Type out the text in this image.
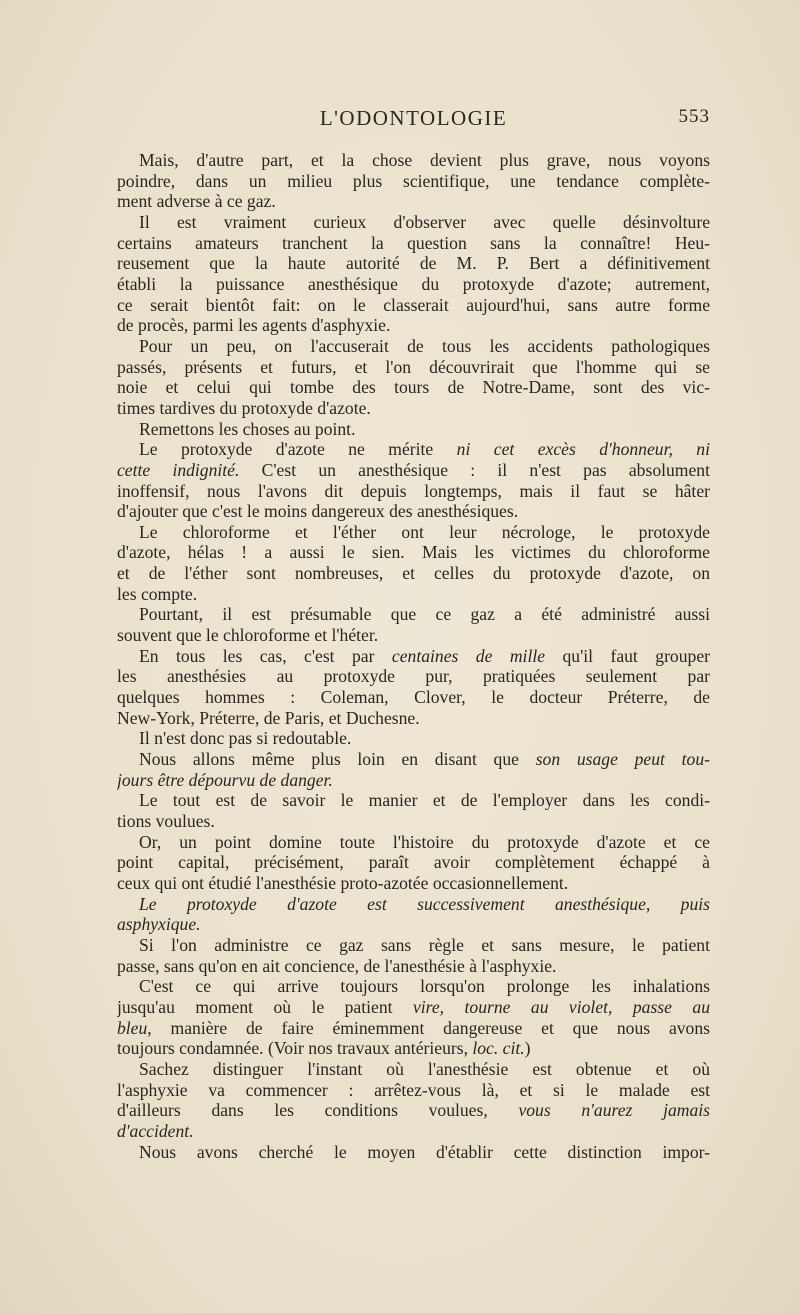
L'ODONTOLOGIE	553
Mais, d'autre part, et la chose devient plus grave, nous voyons
poindre, dans un milieu plus scientifique, une tendance complète-
ment adverse à ce gaz.
Il est vraiment curieux d'observer avec quelle désinvolture
certains amateurs tranchent la question sans la connaître! Heu-
reusement que la haute autorité de M. P. Bert a définitivement
établi la puissance anesthésique du protoxyde d'azote; autrement,
ce serait bientôt fait: on le classerait aujourd'hui, sans autre forme
de procès, parmi les agents d'asphyxie.
Pour un peu, on l'accuserait de tous les accidents pathologiques
passés, présents et futurs, et l'on découvrirait que l'homme qui se
noie et celui qui tombe des tours de Notre-Dame, sont des vic-
times tardives du protoxyde d'azote.
Remettons les choses au point.
Le protoxyde d'azote ne mérite ni cet excès d'honneur, ni
cette indignité. C'est un anesthésique : il n'est pas absolument
inoffensif, nous l'avons dit depuis longtemps, mais il faut se hâter
d'ajouter que c'est le moins dangereux des anesthésiques.
Le chloroforme et l'éther ont leur nécrologe, le protoxyde
d'azote, hélas ! a aussi le sien. Mais les victimes du chloroforme
et de l'éther sont nombreuses, et celles du protoxyde d'azote, on
les compte.
Pourtant, il est présumable que ce gaz a été administré aussi
souvent que le chloroforme et l'héter.
En tous les cas, c'est par centaines de mille qu'il faut grouper
les anesthésies au protoxyde pur, pratiquées seulement par
quelques hommes : Coleman, Clover, le docteur Préterre, de
New-York, Préterre, de Paris, et Duchesne.
Il n'est donc pas si redoutable.
Nous allons même plus loin en disant que son usage peut tou-
jours être dépourvu de danger.
Le tout est de savoir le manier et de l'employer dans les condi-
tions voulues.
Or, un point domine toute l'histoire du protoxyde d'azote et ce
point capital, précisément, paraît avoir complètement échappé à
ceux qui ont étudié l'anesthésie proto-azotée occasionnellement.
Le protoxyde d'azote est successivement anesthésique, puis
asphyxique.
Si l'on administre ce gaz sans règle et sans mesure, le patient
passe, sans qu'on en ait concience, de l'anesthésie à l'asphyxie.
C'est ce qui arrive toujours lorsqu'on prolonge les inhalations
jusqu'au moment où le patient vire, tourne au violet, passe au
bleu, manière de faire éminemment dangereuse et que nous avons
toujours condamnée. (Voir nos travaux antérieurs, loc. cit.)
Sachez distinguer l'instant où l'anesthésie est obtenue et où
l'asphyxie va commencer : arrêtez-vous là, et si le malade est
d'ailleurs dans les conditions voulues, vous n'aurez jamais
d'accident.
Nous avons cherché le moyen d'établir cette distinction impor-
